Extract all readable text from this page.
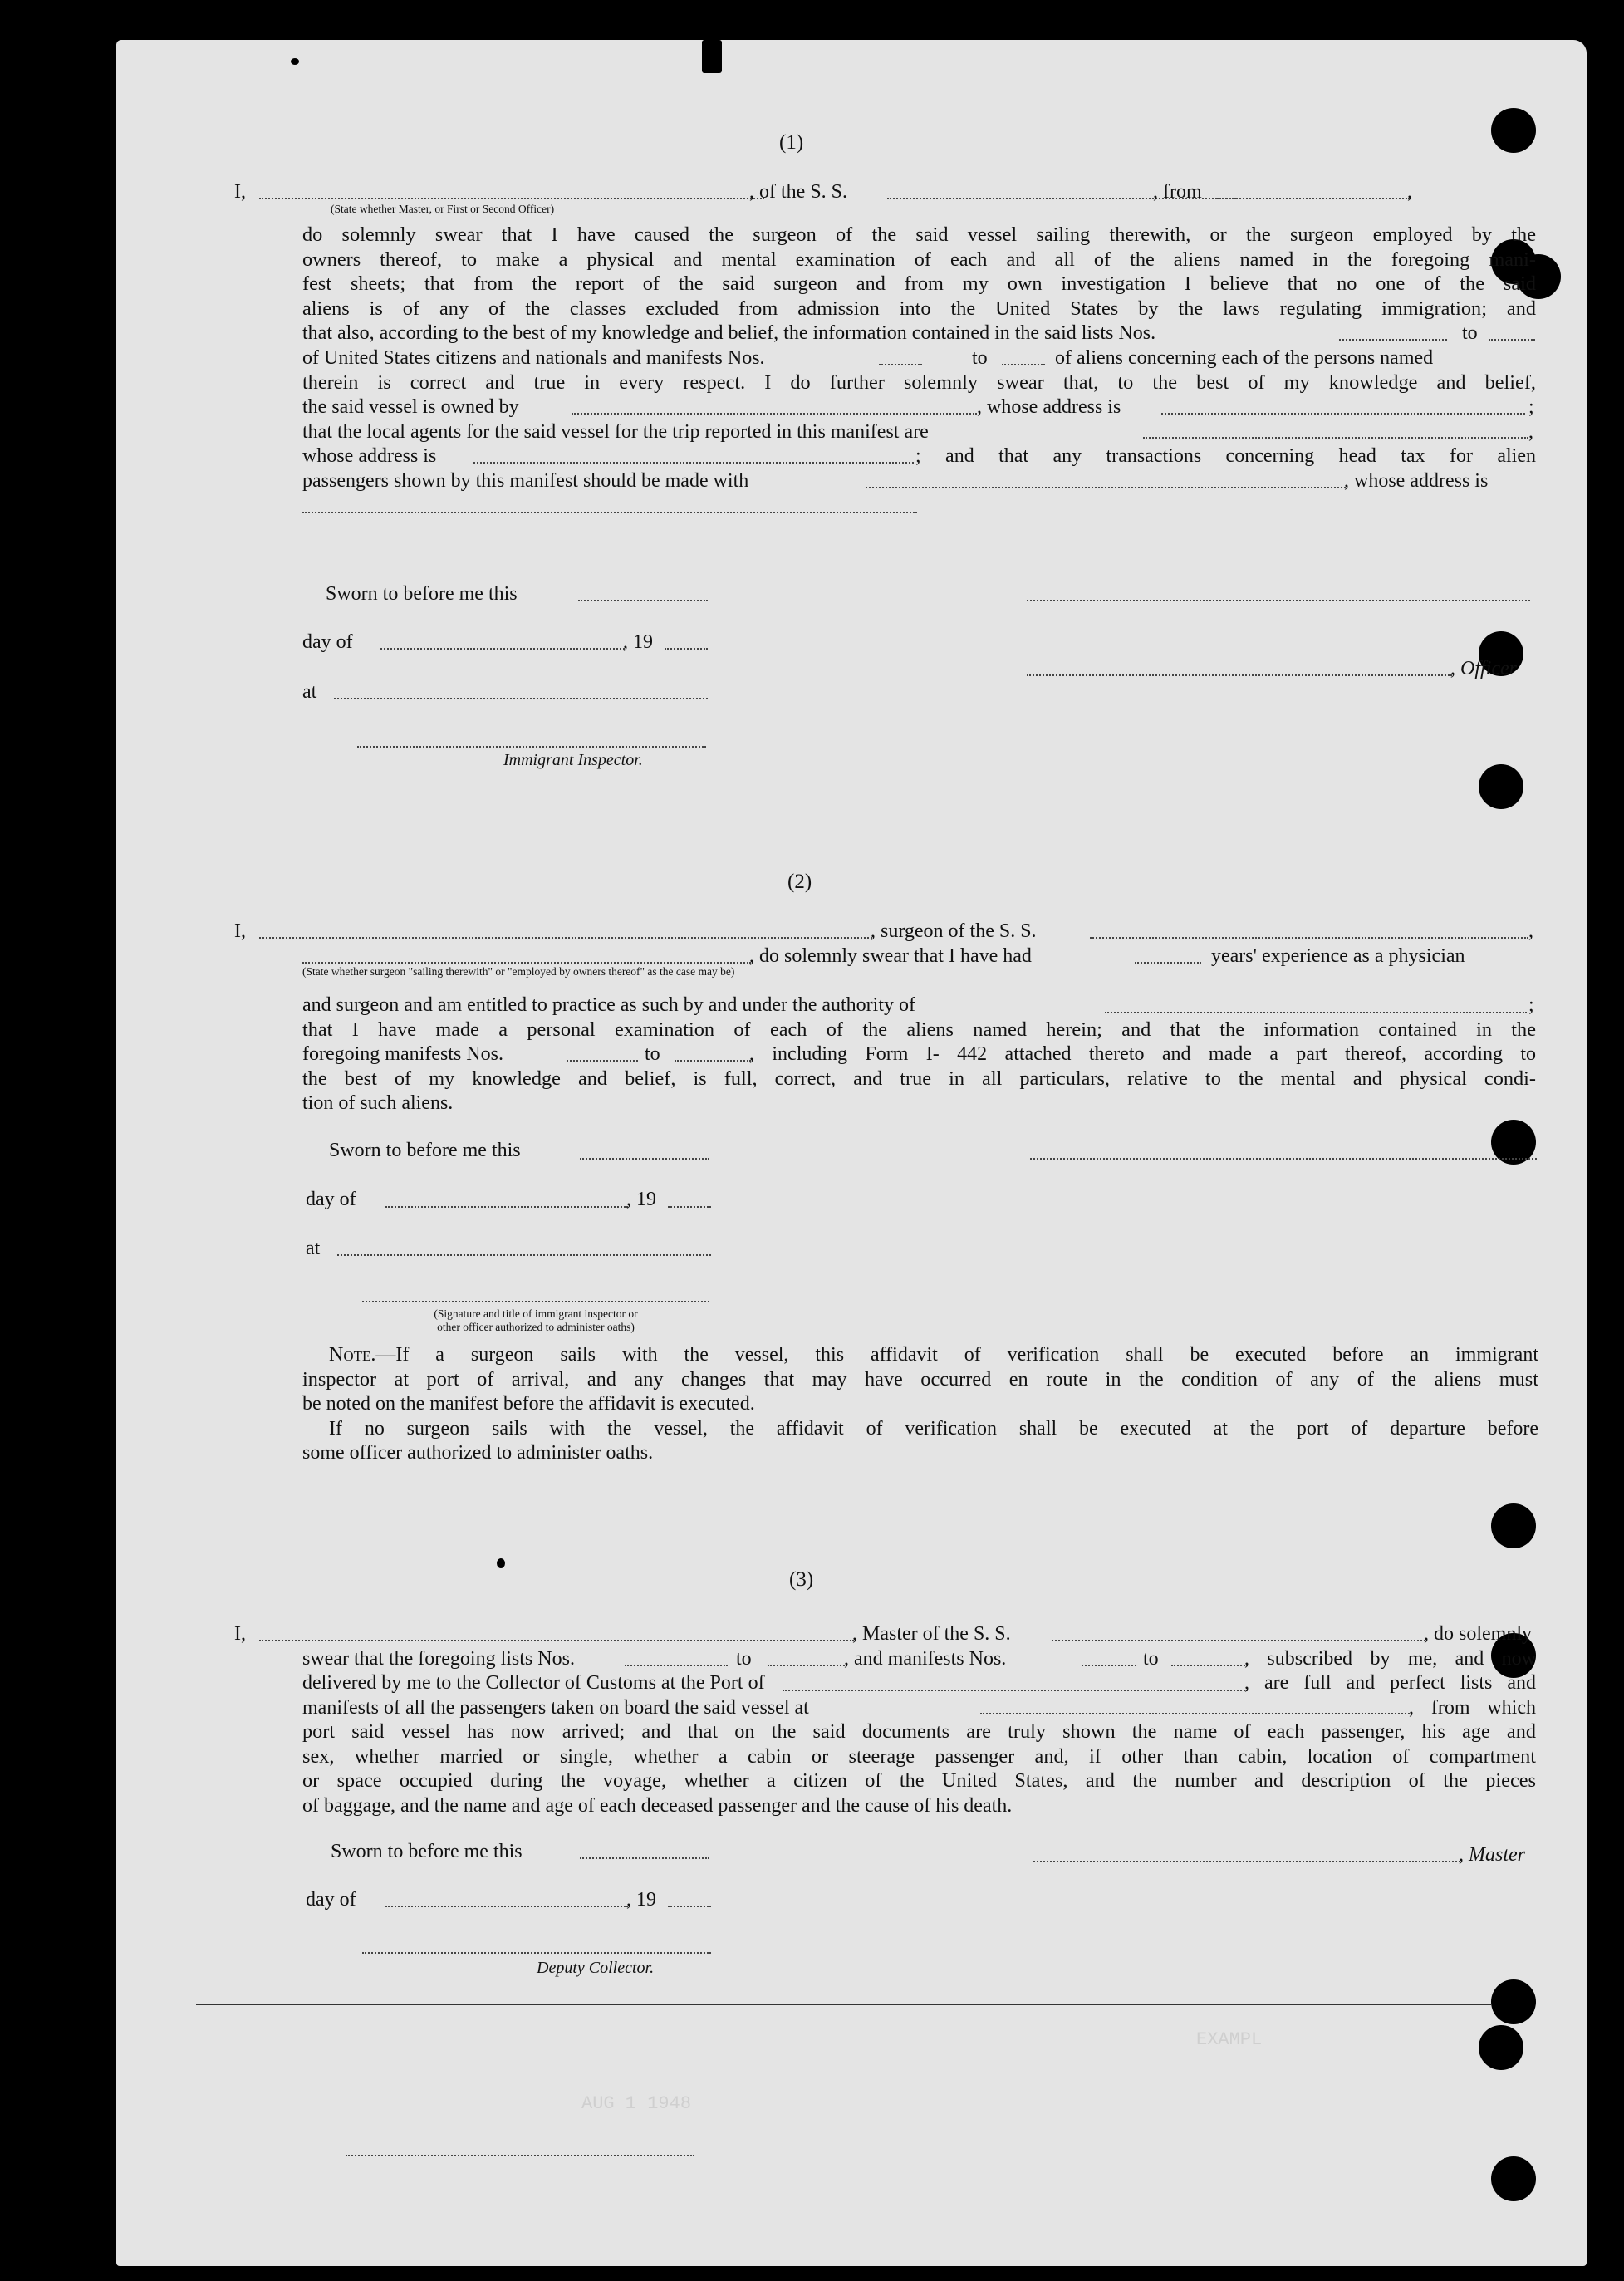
AUG 1 1948
EXAMPL
(1)
I,	, of the S. S.	, from	,
(State whether Master, or First or Second Officer)
do solemnly swear that I have caused the surgeon of the said vessel sailing therewith, or the surgeon employed by the
owners thereof, to make a physical and mental examination of each and all of the aliens named in the foregoing mani-
fest sheets; that from the report of the said surgeon and from my own investigation I believe that no one of the said
aliens is of any of the classes excluded from admission into the United States by the laws regulating immigration; and
that also, according to the best of my knowledge and belief, the information contained in the said lists Nos.	to
of United States citizens and nationals and manifests Nos.	to	of aliens concerning each of the persons named
therein is correct and true in every respect. I do further solemnly swear that, to the best of my knowledge and belief,
the said vessel is owned by	, whose address is	;
that the local agents for the said vessel for the trip reported in this manifest are	,
whose address is	; and that any transactions concerning head tax for alien
passengers shown by this manifest should be made with	, whose address is
Sworn to before me this
day of	, 19
, Officer
at
Immigrant Inspector.
(2)
I,	, surgeon of the S. S.	,
, do solemnly swear that I have had	years' experience as a physician
(State whether surgeon "sailing therewith" or "employed by owners thereof" as the case may be)
and surgeon and am entitled to practice as such by and under the authority of	;
that I have made a personal examination of each of the aliens named herein; and that the information contained in the
foregoing manifests Nos.	to	, including Form I- 442 attached thereto and made a part thereof, according to
the best of my knowledge and belief, is full, correct, and true in all particulars, relative to the mental and physical condi-
tion of such aliens.
Sworn to before me this
day of	, 19
at
(Signature and title of immigrant inspector or
other officer authorized to administer oaths)
Note.—If a surgeon sails with the vessel, this affidavit of verification shall be executed before an immigrant
inspector at port of arrival, and any changes that may have occurred en route in the condition of any of the aliens must
be noted on the manifest before the affidavit is executed.
If no surgeon sails with the vessel, the affidavit of verification shall be executed at the port of departure before
some officer authorized to administer oaths.
(3)
I,	, Master of the S. S.	, do solemnly
swear that the foregoing lists Nos.	to	, and manifests Nos.	to	, subscribed by me, and now
delivered by me to the Collector of Customs at the Port of	, are full and perfect lists and
manifests of all the passengers taken on board the said vessel at	, from which
port said vessel has now arrived; and that on the said documents are truly shown the name of each passenger, his age and
sex, whether married or single, whether a cabin or steerage passenger and, if other than cabin, location of compartment
or space occupied during the voyage, whether a citizen of the United States, and the number and description of the pieces
of baggage, and the name and age of each deceased passenger and the cause of his death.
Sworn to before me this	, Master
day of	, 19
Deputy Collector.
